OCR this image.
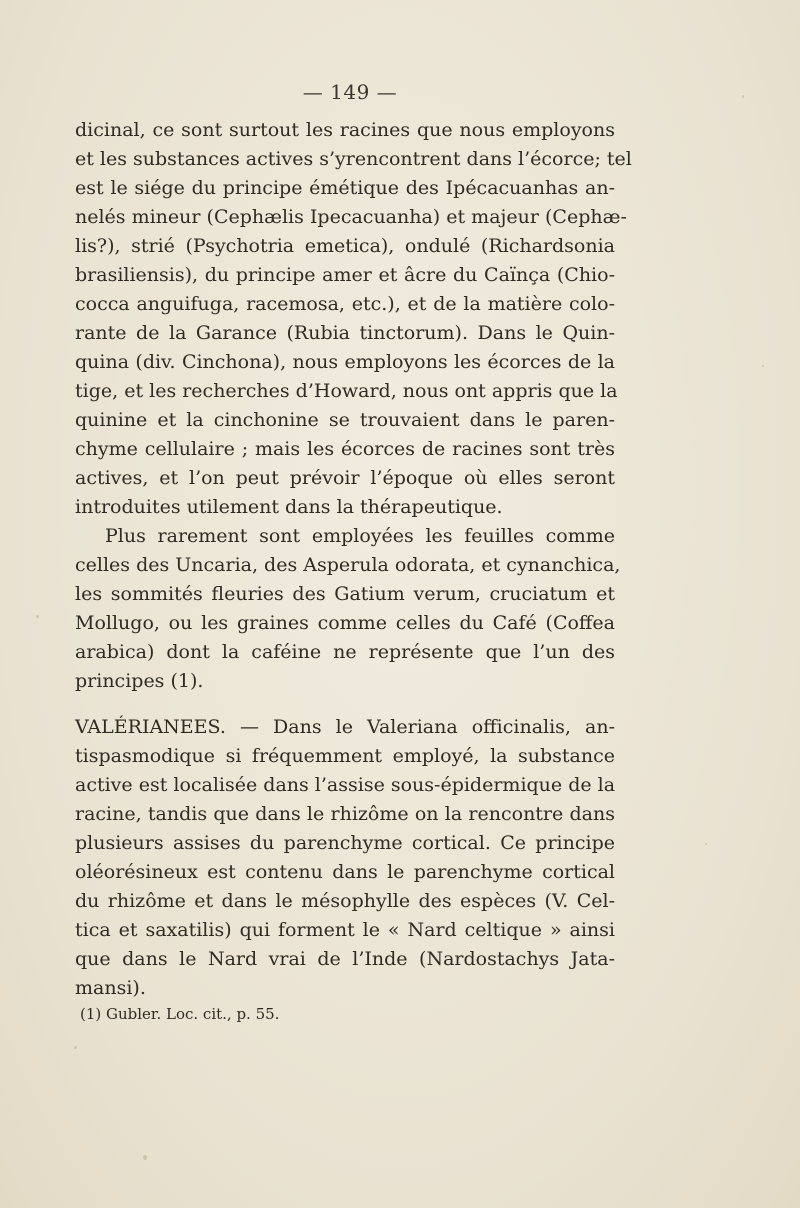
— 149 —
dicinal, ce sont surtout les racines que nous employons
et les substances actives s’yrencontrent dans l’écorce; tel
est le siége du principe émétique des Ipécacuanhas an-
nelés mineur (Cephælis Ipecacuanha) et majeur (Cephæ-
lis?), strié (Psychotria emetica), ondulé (Richardsonia
brasiliensis), du principe amer et âcre du Caïnça (Chio-
cocca anguifuga, racemosa, etc.), et de la matière colo-
rante de la Garance (Rubia tinctorum). Dans le Quin-
quina (div. Cinchona), nous employons les écorces de la
tige, et les recherches d’Howard, nous ont appris que la
quinine et la cinchonine se trouvaient dans le paren-
chyme cellulaire ; mais les écorces de racines sont très
actives, et l’on peut prévoir l’époque où elles seront
introduites utilement dans la thérapeutique.
Plus rarement sont employées les feuilles comme
celles des Uncaria, des Asperula odorata, et cynanchica,
les sommités fleuries des Gatium verum, cruciatum et
Mollugo, ou les graines comme celles du Café (Coffea
arabica) dont la caféine ne représente que l’un des
principes (1).
VALÉRIANEES. — Dans le Valeriana officinalis, an-
tispasmodique si fréquemment employé, la substance
active est localisée dans l’assise sous-épidermique de la
racine, tandis que dans le rhizôme on la rencontre dans
plusieurs assises du parenchyme cortical. Ce principe
oléorésineux est contenu dans le parenchyme cortical
du rhizôme et dans le mésophylle des espèces (V. Cel-
tica et saxatilis) qui forment le « Nard celtique » ainsi
que dans le Nard vrai de l’Inde (Nardostachys Jata-
mansi).
(1) Gubler. Loc. cit., p. 55.
